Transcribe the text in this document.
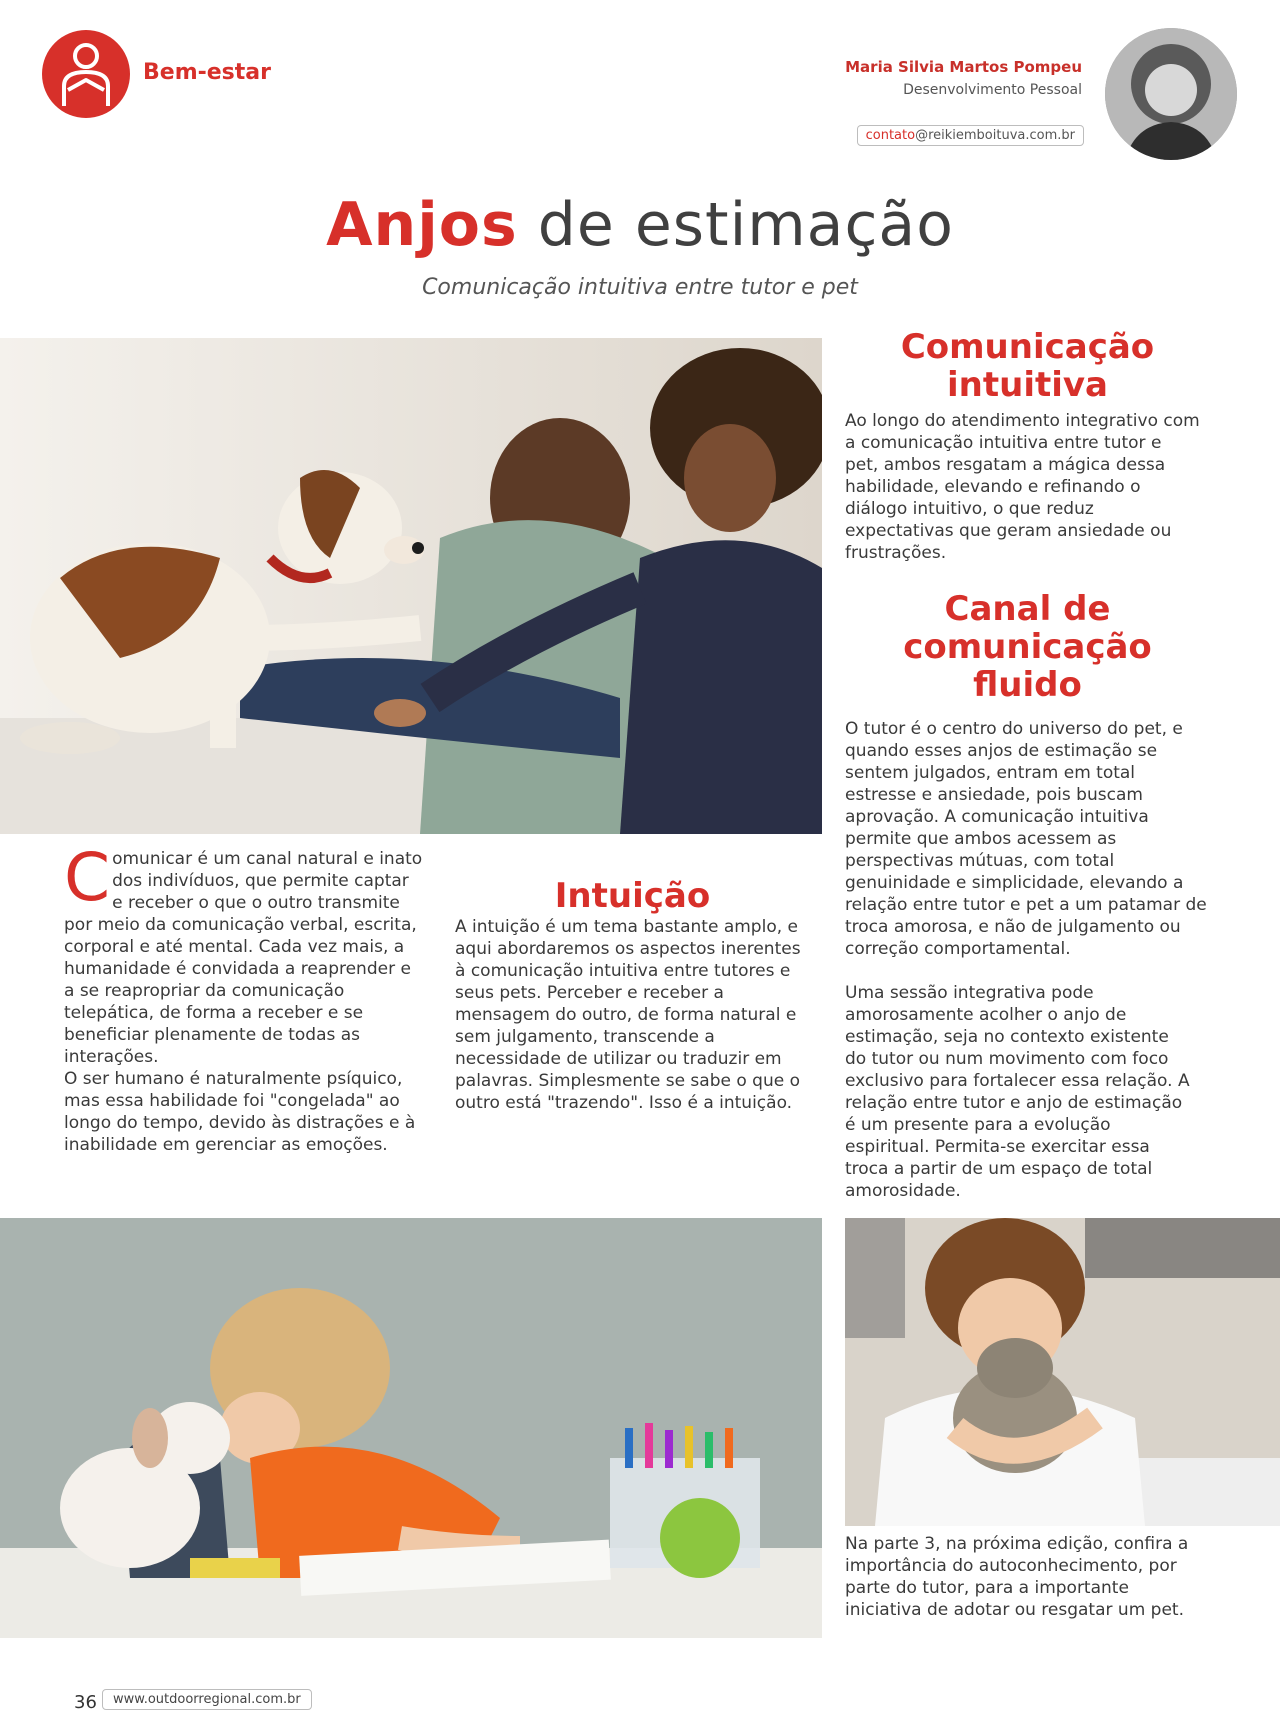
Bem-estar	Maria Silvia Martos Pompeu
Desenvolvimento Pessoal
contato@reikiemboituva.com.br
Anjos de estimação
Comunicação intuitiva entre tutor e pet
C omunicar é um canal natural e inato dos indivíduos, que permite captar e receber o que o outro transmite por meio da comunicação verbal, escrita, corporal e até mental. Cada vez mais, a humanidade é convidada a reaprender e a se reapropriar da comunicação telepática, de forma a receber e se beneficiar plenamente de todas as interações.

O ser humano é naturalmente psíquico, mas essa habilidade foi "congelada" ao longo do tempo, devido às distrações e à inabilidade em gerenciar as emoções.

Intuição
A intuição é um tema bastante amplo, e aqui abordaremos os aspectos inerentes à comunicação intuitiva entre tutores e seus pets. Perceber e receber a mensagem do outro, de forma natural e sem julgamento, transcende a necessidade de utilizar ou traduzir em palavras. Simplesmente se sabe o que o outro está "trazendo". Isso é a intuição.
Comunicação intuitiva
Ao longo do atendimento integrativo com a comunicação intuitiva entre tutor e pet, ambos resgatam a mágica dessa habilidade, elevando e refinando o diálogo intuitivo, o que reduz expectativas que geram ansiedade ou frustrações.
Canal de comunicação fluido
O tutor é o centro do universo do pet, e quando esses anjos de estimação se sentem julgados, entram em total estresse e ansiedade, pois buscam aprovação. A comunicação intuitiva permite que ambos acessem as perspectivas mútuas, com total genuinidade e simplicidade, elevando a relação entre tutor e pet a um patamar de troca amorosa, e não de julgamento ou correção comportamental.
Uma sessão integrativa pode amorosamente acolher o anjo de estimação, seja no contexto existente do tutor ou num movimento com foco exclusivo para fortalecer essa relação. A relação entre tutor e anjo de estimação é um presente para a evolução espiritual. Permita-se exercitar essa troca a partir de um espaço de total amorosidade.
Na parte 3, na próxima edição, confira a importância do autoconhecimento, por parte do tutor, para a importante iniciativa de adotar ou resgatar um pet.
36	www.outdoorregional.com.br
